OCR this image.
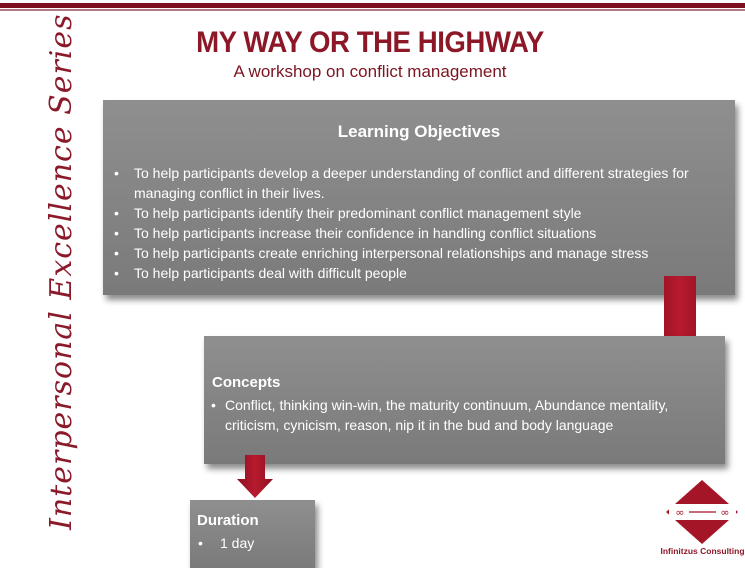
Interpersonal Excellence Series	MY WAY OR THE HIGHWAY
A workshop on conflict management
Learning Objectives
• To help participants develop a deeper understanding of conflict and different strategies for managing conflict in their lives.
• To help participants identify their predominant conflict management style
• To help participants increase their confidence in handling conflict situations
• To help participants create enriching interpersonal relationships and manage stress
• To help participants deal with difficult people
Concepts
• Conflict, thinking win-win, the maturity continuum, Abundance mentality, criticism, cynicism, reason, nip it in the bud and body language
Duration
• 1 day
∞	∞
Infinitzus Consulting
